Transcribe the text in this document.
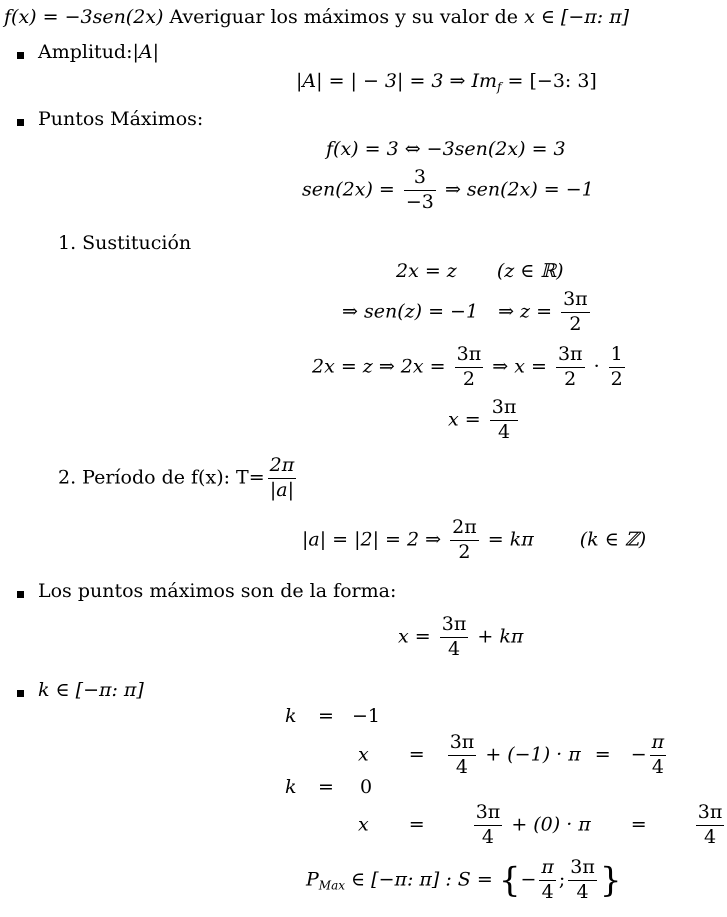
f(x) = −3sen(2x) Averiguar los máximos y su valor de x ∈ [−π: π]
Amplitud:|A|
|A| = | − 3| = 3 ⇒ $Im_f = [-3$: 3]
Puntos Máximos:
f(x) = 3 ⇔ −3sen(2x) = 3
$sen(2x) = \frac{3}{-3}$ ⇒ sen(2x) = −1
1. Sustitución
2x = z (z ∈ ℝ)
⇒ sen(z) = −1 ⇒ $z = \frac{3\pi}{2}$
2x = z ⇒ $2x = \frac{3\pi}{2}$ ⇒ $x = \frac{3\pi}{2} \cdot \frac{1}{2}$
$x = \frac{3\pi}{4}$
2. Período de f(x): $T= \frac{2\pi}{|a|}$
|a| = |2| = 2 ⇒ $\frac{2\pi}{2} = k\pi$ (k ∈ ℤ)
Los puntos máximos son de la forma:
$x = \frac{3\pi}{4} + k\pi$
k ∈ [−π: π]
k = −1
$x = \frac{3\pi}{4} + (-1) \cdot \pi$ = − $\frac{\pi}{4}$
k = 0
x =	$\frac{3\pi}{4} + (0) \cdot \pi$ =	$\frac{3\pi}{4}$
$P_{Max}$ ∈ [−π: π] : S = {− $\frac{\pi}{4}$ ; $\frac{3\pi}{4}$ }
